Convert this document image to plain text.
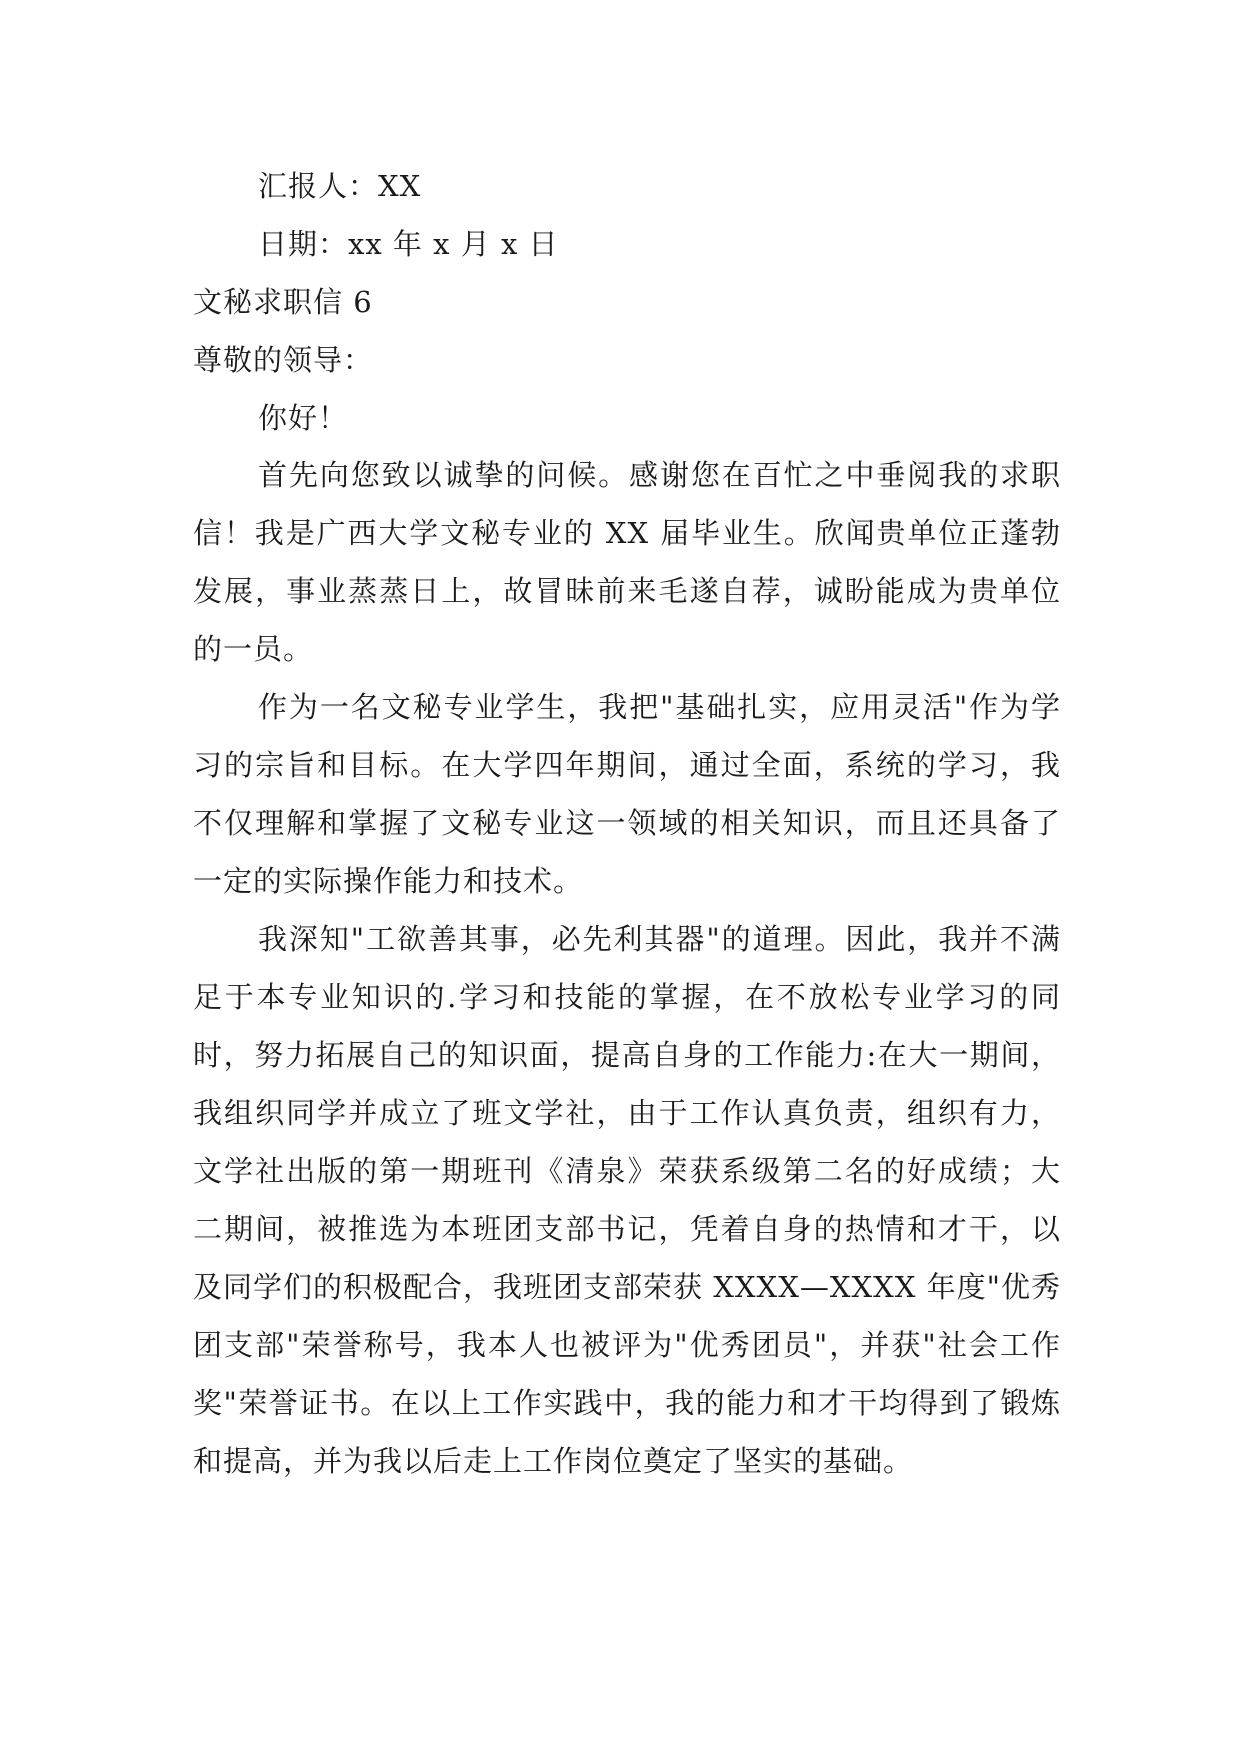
汇报人：XX
日期：xx 年 x 月 x 日
文秘求职信 6
尊敬的领导：
你好！

首先向您致以诚挚的问候。感谢您在百忙之中垂阅我的求职信！我是广西大学文秘专业的 XX 届毕业生。欣闻贵单位正蓬勃发展，事业蒸蒸日上，故冒昧前来毛遂自荐，诚盼能成为贵单位的一员。

作为一名文秘专业学生，我把"基础扎实，应用灵活"作为学习的宗旨和目标。在大学四年期间，通过全面，系统的学习，我不仅理解和掌握了文秘专业这一领域的相关知识，而且还具备了一定的实际操作能力和技术。

我深知"工欲善其事，必先利其器"的道理。因此，我并不满足于本专业知识的.学习和技能的掌握，在不放松专业学习的同时，努力拓展自己的知识面，提高自身的工作能力:在大一期间，我组织同学并成立了班文学社，由于工作认真负责，组织有力，文学社出版的第一期班刊《清泉》荣获系级第二名的好成绩；大二期间，被推选为本班团支部书记，凭着自身的热情和才干，以及同学们的积极配合，我班团支部荣获 XXXX—XXXX 年度"优秀团支部"荣誉称号，我本人也被评为"优秀团员"，并获"社会工作奖"荣誉证书。在以上工作实践中，我的能力和才干均得到了锻炼和提高，并为我以后走上工作岗位奠定了坚实的基础。
